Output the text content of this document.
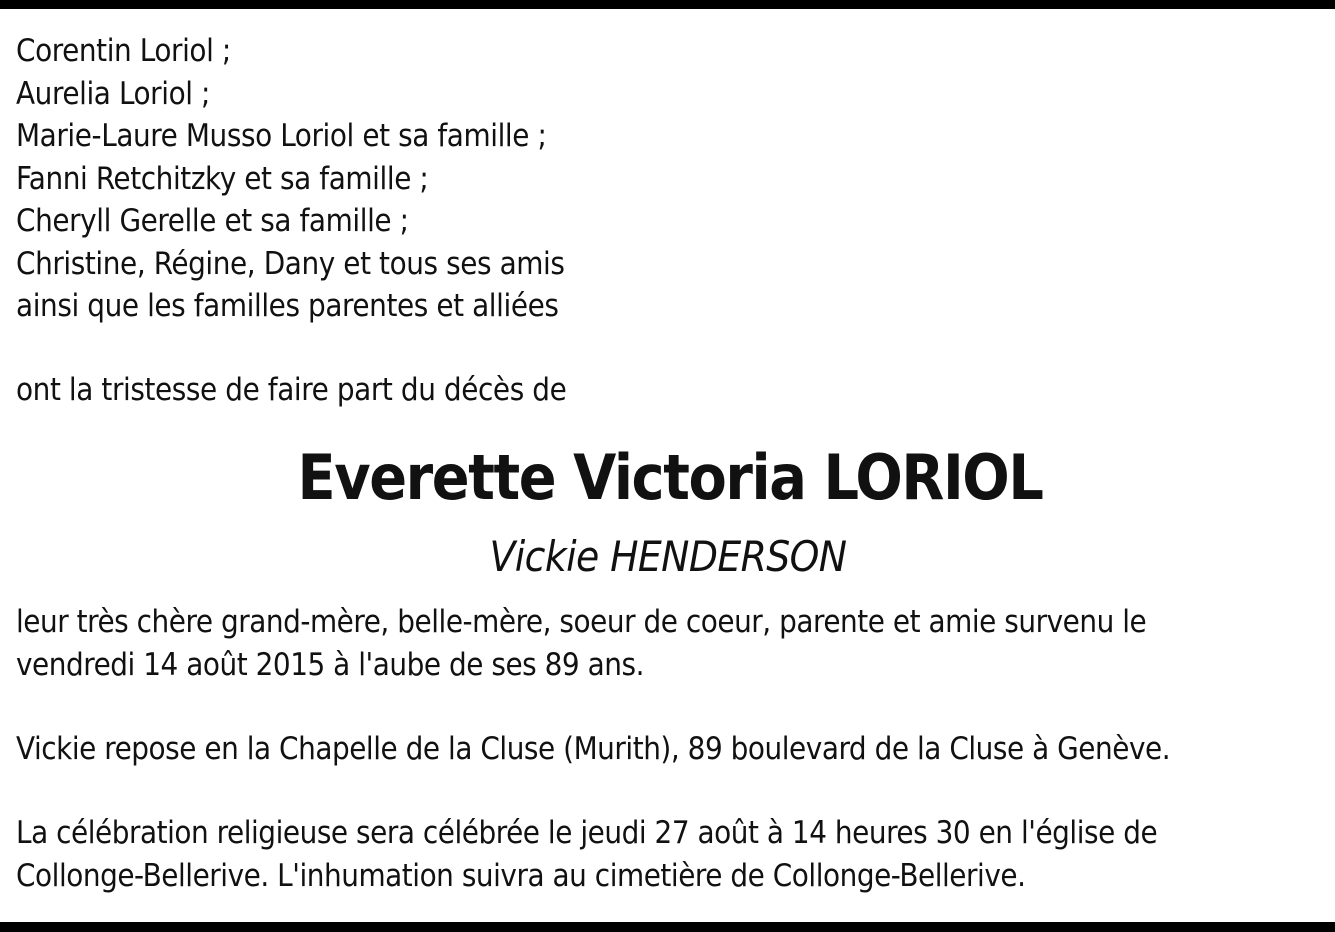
Corentin Loriol ;
Aurelia Loriol ;
Marie-Laure Musso Loriol et sa famille ;
Fanni Retchitzky et sa famille ;
Cheryll Gerelle et sa famille ;
Christine, Régine, Dany et tous ses amis
ainsi que les familles parentes et alliées
ont la tristesse de faire part du décès de
Everette Victoria LORIOL
Vickie HENDERSON
leur très chère grand-mère, belle-mère, soeur de coeur, parente et amie survenu le
vendredi 14 août 2015 à l'aube de ses 89 ans.
Vickie repose en la Chapelle de la Cluse (Murith), 89 boulevard de la Cluse à Genève.
La célébration religieuse sera célébrée le jeudi 27 août à 14 heures 30 en l'église de
Collonge-Bellerive. L'inhumation suivra au cimetière de Collonge-Bellerive.
